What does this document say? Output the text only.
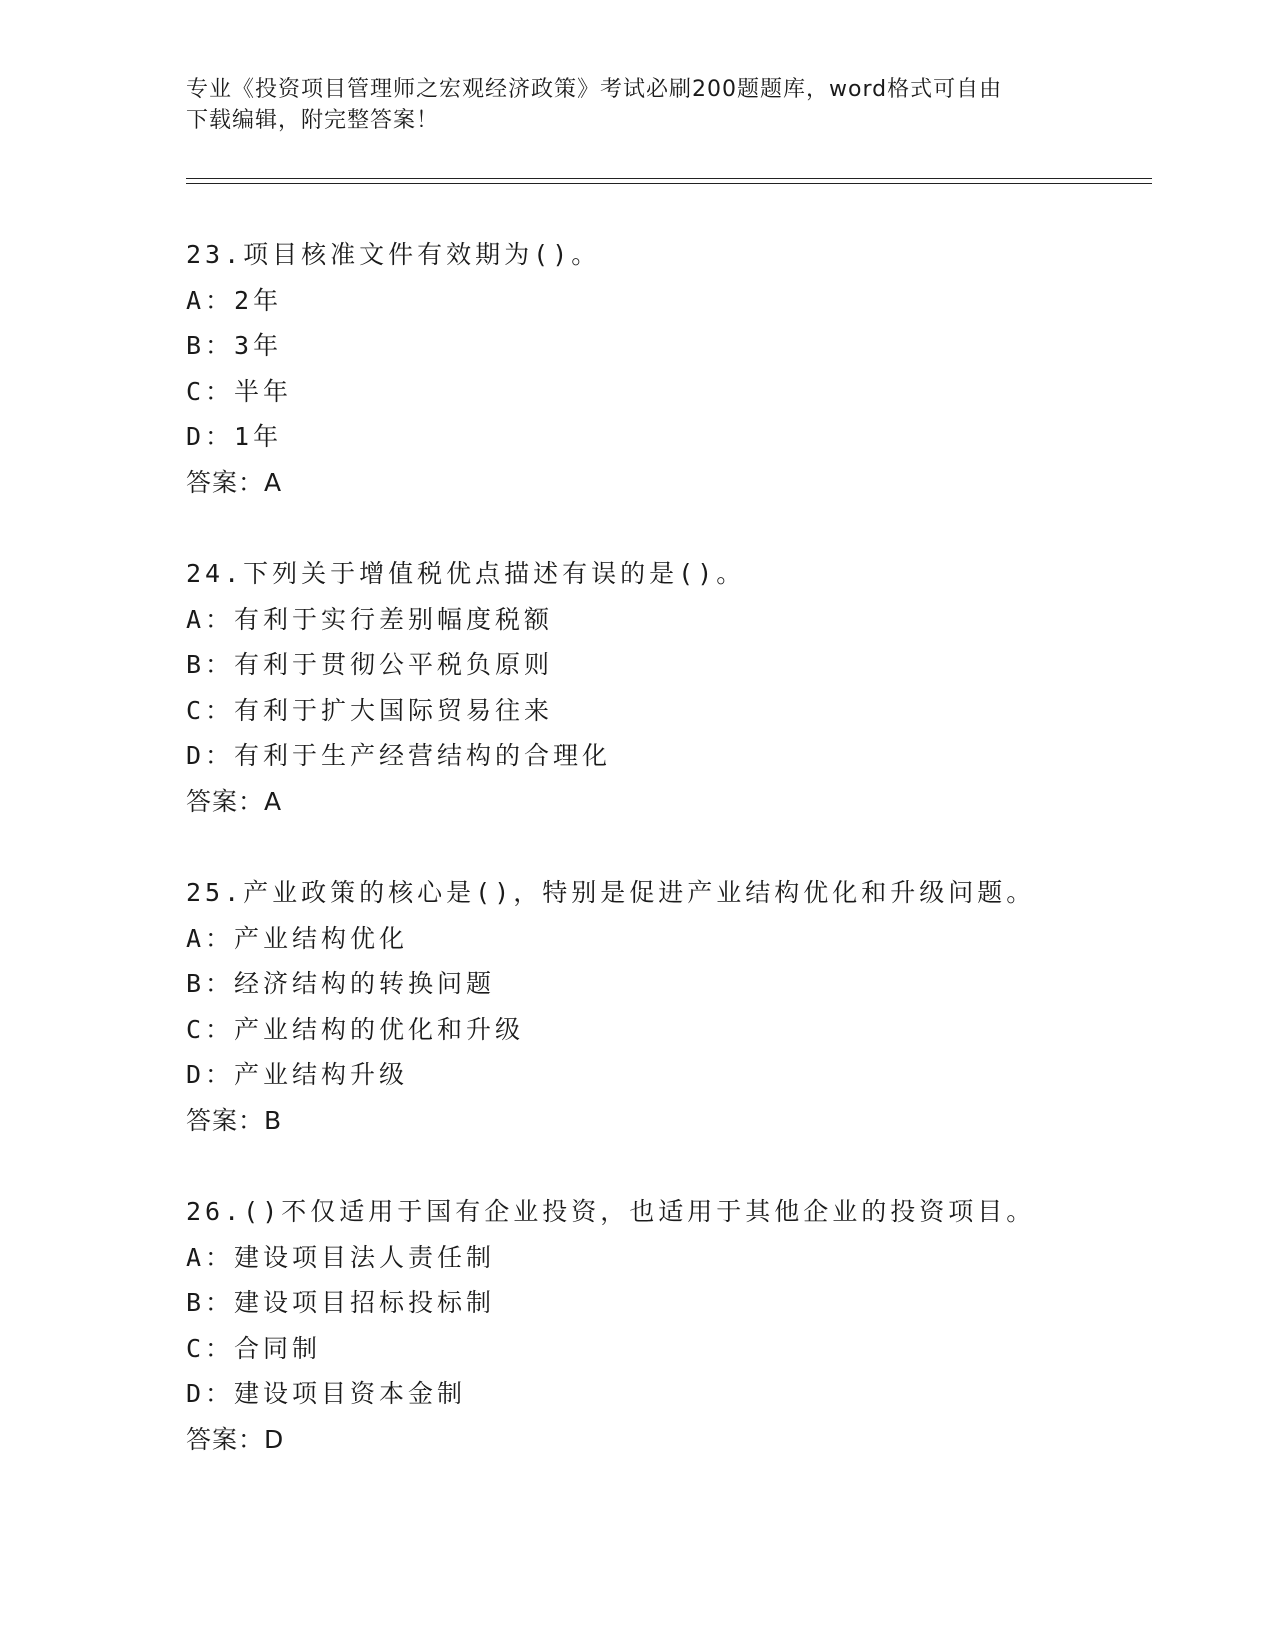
专业《投资项目管理师之宏观经济政策》考试必刷200题题库，word格式可自由
下载编辑，附完整答案！
23.项目核准文件有效期为()。
A：2年
B：3年
C：半年
D：1年
答案：A
24.下列关于增值税优点描述有误的是()。
A：有利于实行差别幅度税额
B：有利于贯彻公平税负原则
C：有利于扩大国际贸易往来
D：有利于生产经营结构的合理化
答案：A
25.产业政策的核心是()，特别是促进产业结构优化和升级问题。
A：产业结构优化
B：经济结构的转换问题
C：产业结构的优化和升级
D：产业结构升级
答案：B
26.()不仅适用于国有企业投资，也适用于其他企业的投资项目。
A：建设项目法人责任制
B：建设项目招标投标制
C：合同制
D：建设项目资本金制
答案：D
